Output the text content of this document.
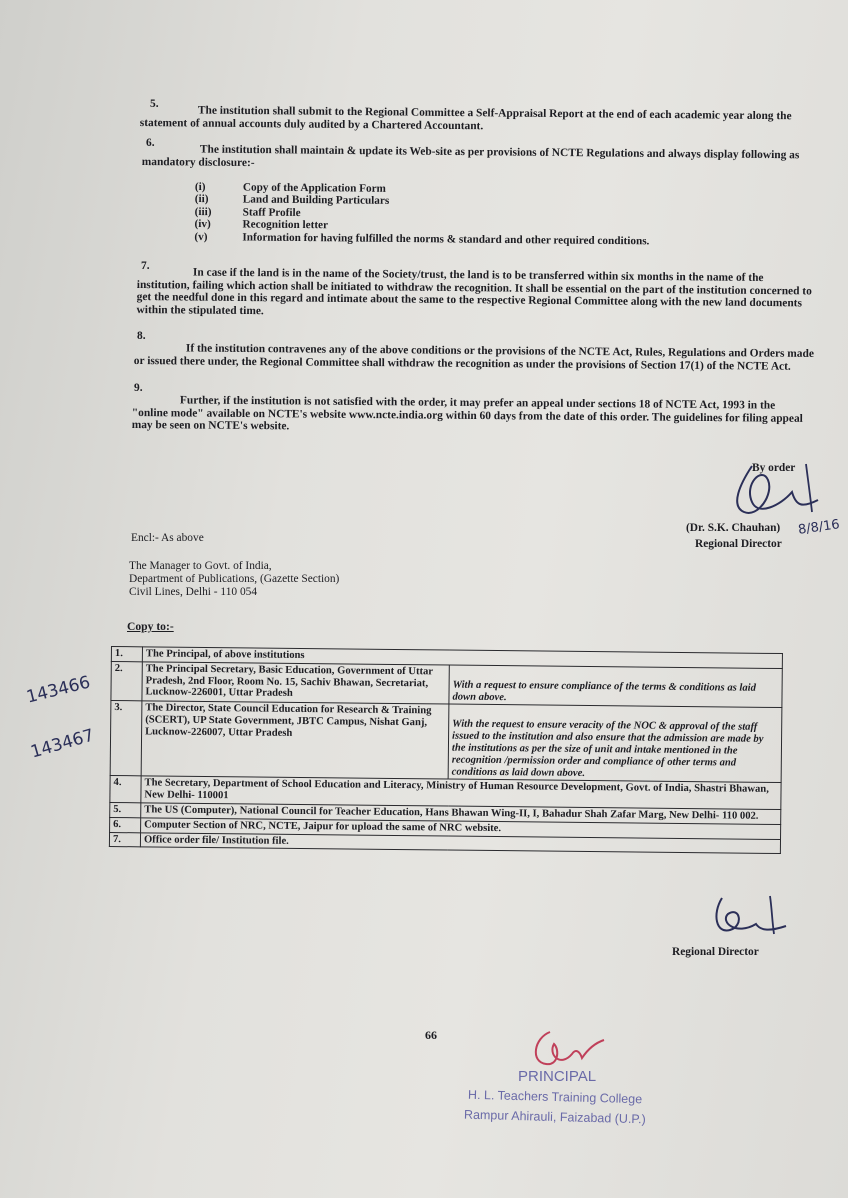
5.
The institution shall submit to the Regional Committee a Self-Appraisal Report at the end of each academic year along the statement of annual accounts duly audited by a Chartered Accountant.
6.
The institution shall maintain & update its Web-site as per provisions of NCTE Regulations and always display following as mandatory disclosure:-
(i)	Copy of the Application Form
(ii)	Land and Building Particulars
(iii)	Staff Profile
(iv)	Recognition letter
(v)	Information for having fulfilled the norms & standard and other required conditions.
7.
In case if the land is in the name of the Society/trust, the land is to be transferred within six months in the name of the institution, failing which action shall be initiated to withdraw the recognition. It shall be essential on the part of the institution concerned to get the needful done in this regard and intimate about the same to the respective Regional Committee along with the new land documents within the stipulated time.
8.
If the institution contravenes any of the above conditions or the provisions of the NCTE Act, Rules, Regulations and Orders made or issued there under, the Regional Committee shall withdraw the recognition as under the provisions of Section 17(1) of the NCTE Act.
9.
Further, if the institution is not satisfied with the order, it may prefer an appeal under sections 18 of NCTE Act, 1993 in the "online mode" available on NCTE's website www.ncte.india.org within 60 days from the date of this order. The guidelines for filing appeal may be seen on NCTE's website.
By order
(Dr. S.K. Chauhan) 8/8/16
Regional Director
Encl:- As above
The Manager to Govt. of India,
Department of Publications, (Gazette Section)
Civil Lines, Delhi - 110 054
Copy to:-
1.	The Principal, of above institutions	
2.	The Principal Secretary, Basic Education, Government of Uttar Pradesh, 2nd Floor, Room No. 15, Sachiv Bhawan, Secretariat, Lucknow-226001, Uttar Pradesh	With a request to ensure compliance of the terms & conditions as laid down above.
3.	The Director, State Council Education for Research & Training (SCERT), UP State Government, JBTC Campus, Nishat Ganj, Lucknow-226007, Uttar Pradesh	With the request to ensure veracity of the NOC & approval of the staff issued to the institution and also ensure that the admission are made by the institutions as per the size of unit and intake mentioned in the recognition /permission order and compliance of other terms and conditions as laid down above.
4.	The Secretary, Department of School Education and Literacy, Ministry of Human Resource Development, Govt. of India, Shastri Bhawan, New Delhi- 110001	
5.	The US (Computer), National Council for Teacher Education, Hans Bhawan Wing-II, I, Bahadur Shah Zafar Marg, New Delhi- 110 002.	
6.	Computer Section of NRC, NCTE, Jaipur for upload the same of NRC website.	
7.	Office order file/ Institution file.	
143466
143467
Regional Director
66
PRINCIPAL
H. L. Teachers Training College
Rampur Ahirauli, Faizabad (U.P.)
